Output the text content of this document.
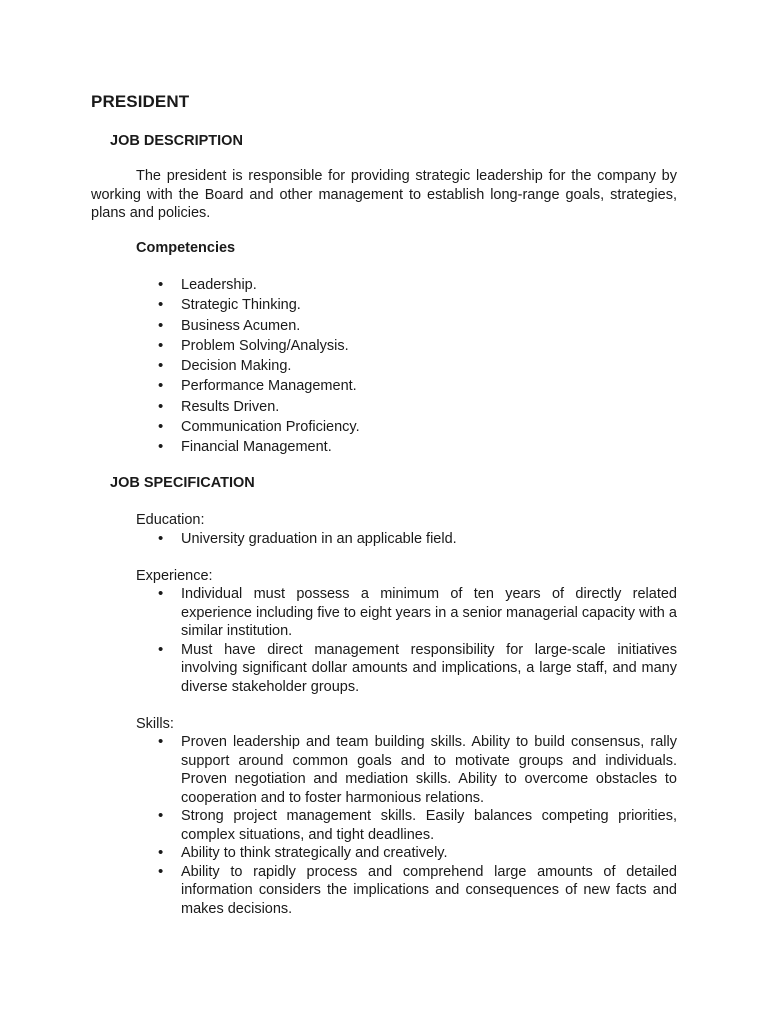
PRESIDENT
JOB DESCRIPTION
The president is responsible for providing strategic leadership for the company by working with the Board and other management to establish long-range goals, strategies, plans and policies.
Competencies
• Leadership.
• Strategic Thinking.
• Business Acumen.
• Problem Solving/Analysis.
• Decision Making.
• Performance Management.
• Results Driven.
• Communication Proficiency.
• Financial Management.
JOB SPECIFICATION
Education:
• University graduation in an applicable field.
Experience:
• Individual must possess a minimum of ten years of directly related experience including five to eight years in a senior managerial capacity with a similar institution.
• Must have direct management responsibility for large-scale initiatives involving significant dollar amounts and implications, a large staff, and many diverse stakeholder groups.
Skills:
• Proven leadership and team building skills. Ability to build consensus, rally support around common goals and to motivate groups and individuals. Proven negotiation and mediation skills. Ability to overcome obstacles to cooperation and to foster harmonious relations.
• Strong project management skills. Easily balances competing priorities, complex situations, and tight deadlines.
• Ability to think strategically and creatively.
• Ability to rapidly process and comprehend large amounts of detailed information considers the implications and consequences of new facts and makes decisions.
